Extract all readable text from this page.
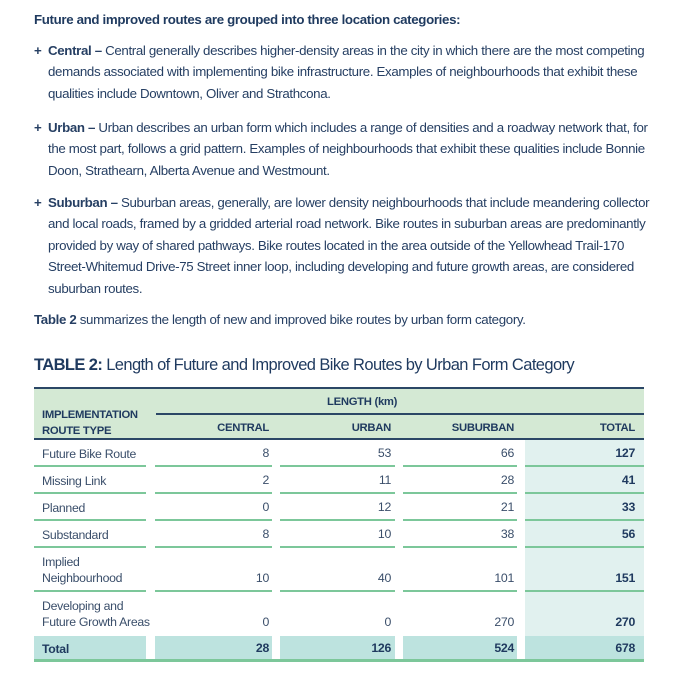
Future and improved routes are grouped into three location categories:
+ Central – Central generally describes higher-density areas in the city in which there are the most competing demands associated with implementing bike infrastructure. Examples of neighbourhoods that exhibit these qualities include Downtown, Oliver and Strathcona.
+ Urban – Urban describes an urban form which includes a range of densities and a roadway network that, for the most part, follows a grid pattern. Examples of neighbourhoods that exhibit these qualities include Bonnie Doon, Strathearn, Alberta Avenue and Westmount.
+ Suburban – Suburban areas, generally, are lower density neighbourhoods that include meandering collector and local roads, framed by a gridded arterial road network. Bike routes in suburban areas are predominantly provided by way of shared pathways. Bike routes located in the area outside of the Yellowhead Trail-170 Street-Whitemud Drive-75 Street inner loop, including developing and future growth areas, are considered suburban routes.
Table 2 summarizes the length of new and improved bike routes by urban form category.
TABLE 2: Length of Future and Improved Bike Routes by Urban Form Category
IMPLEMENTATION
ROUTE TYPE
LENGTH (km)
CENTRAL	URBAN	SUBURBAN	TOTAL
Future Bike Route	8	53	66	127
Missing Link	2	11	28	41
Planned	0	12	21	33
Substandard	8	10	38	56
Implied
Neighbourhood	10	40	101	151
Developing and
Future Growth Areas	0	0	270	270
Total	28	126	524	678
